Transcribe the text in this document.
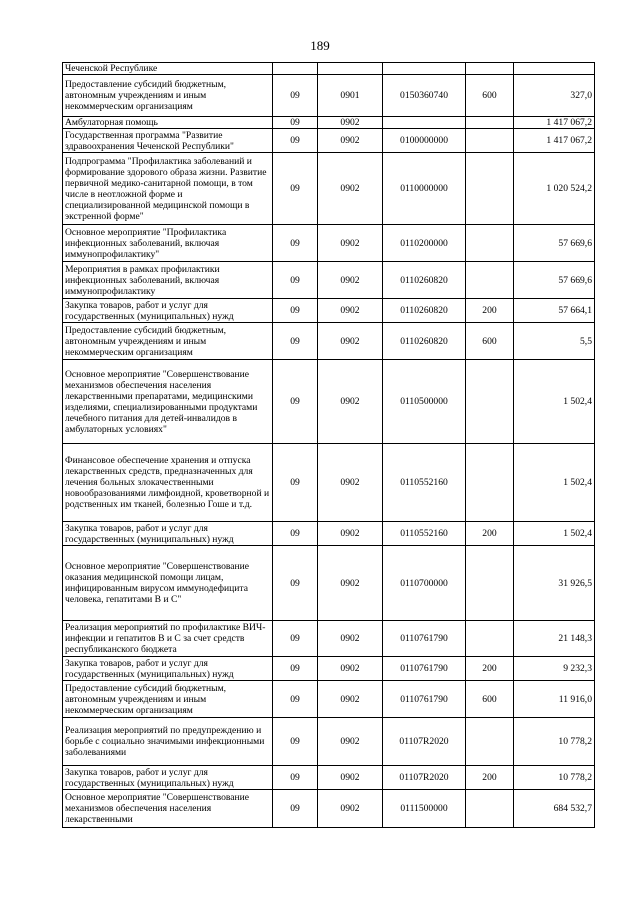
189
Чеченской Республике					
Предоставление субсидий бюджетным, автономным учреждениям и иным некоммерческим организациям	09	0901	0150360740	600	327,0
Амбулаторная помощь	09	0902			1 417 067,2
Государственная программа "Развитие здравоохранения Чеченской Республики"	09	0902	0100000000		1 417 067,2
Подпрограмма "Профилактика заболеваний и формирование здорового образа жизни. Развитие первичной медико-санитарной помощи, в том числе в неотложной форме и специализированной медицинской помощи в экстренной форме"	09	0902	0110000000		1 020 524,2
Основное мероприятие "Профилактика инфекционных заболеваний, включая иммунопрофилактику"	09	0902	0110200000		57 669,6
Мероприятия в рамках профилактики инфекционных заболеваний, включая иммунопрофилактику	09	0902	0110260820		57 669,6
Закупка товаров, работ и услуг для государственных (муниципальных) нужд	09	0902	0110260820	200	57 664,1
Предоставление субсидий бюджетным, автономным учреждениям и иным некоммерческим организациям	09	0902	0110260820	600	5,5
Основное мероприятие "Совершенствование механизмов обеспечения населения лекарственными препаратами, медицинскими изделиями, специализированными продуктами лечебного питания для детей-инвалидов в амбулаторных условиях"	09	0902	0110500000		1 502,4
Финансовое обеспечение хранения и отпуска лекарственных средств, предназначенных для лечения больных злокачественными новообразованиями лимфоидной, кроветворной и родственных им тканей, болезнью Гоше и т.д.	09	0902	0110552160		1 502,4
Закупка товаров, работ и услуг для государственных (муниципальных) нужд	09	0902	0110552160	200	1 502,4
Основное мероприятие "Совершенствование оказания медицинской помощи лицам, инфицированным вирусом иммунодефицита человека, гепатитами В и С"	09	0902	0110700000		31 926,5
Реализация мероприятий по профилактике ВИЧ-инфекции и гепатитов В и С за счет средств республиканского бюджета	09	0902	0110761790		21 148,3
Закупка товаров, работ и услуг для государственных (муниципальных) нужд	09	0902	0110761790	200	9 232,3
Предоставление субсидий бюджетным, автономным учреждениям и иным некоммерческим организациям	09	0902	0110761790	600	11 916,0
Реализация мероприятий по предупреждению и борьбе с социально значимыми инфекционными заболеваниями	09	0902	01107R2020		10 778,2
Закупка товаров, работ и услуг для государственных (муниципальных) нужд	09	0902	01107R2020	200	10 778,2
Основное мероприятие "Совершенствование механизмов обеспечения населения лекарственными	09	0902	0111500000		684 532,7
